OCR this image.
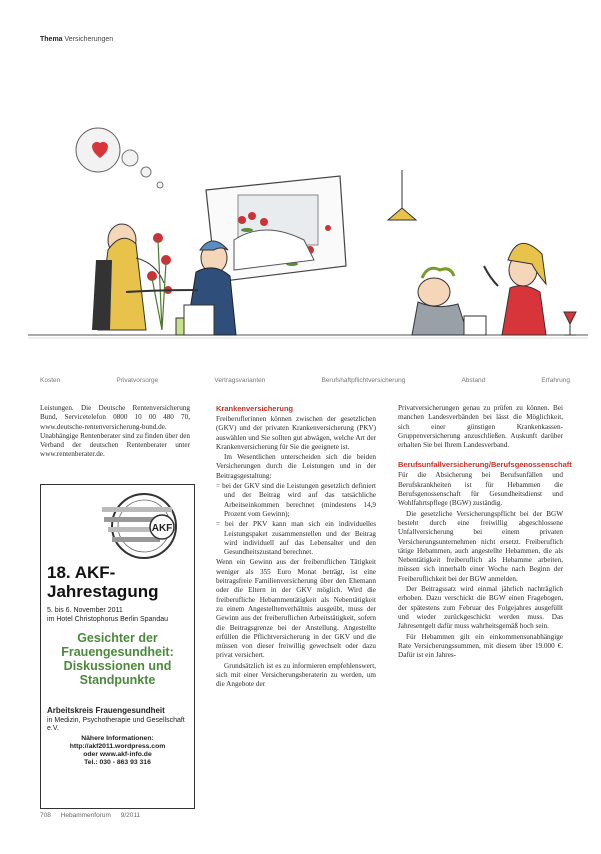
Thema Versicherungen
Kosten	Privatvorsorge	Vertragsvarianten	Berufshaftpflichtversicherung	Abstand	Erfahrung

Leistungen. Die Deutsche Rentenversicherung Bund, Servicetelefon 0800 10 00 480 70, www.deutsche-rentenversicherung-bund.de. Unabhängige Rentenberater sind zu finden über den Verband der deutschen Rentenberater unter www.rentenberater.de.

AKF
18. AKF-Jahrestagung
5. bis 6. November 2011
im Hotel Christophorus Berlin Spandau
Gesichter der Frauengesundheit: Diskussionen und Standpunkte
Arbeitskreis Frauengesundheit
in Medizin, Psychotherapie und Gesellschaft e.V.
Nähere Informationen:
http://akf2011.wordpress.com
oder www.akf-info.de
Tel.: 030 - 863 93 316
Krankenversicherung

Freiberuflerinnen können zwischen der gesetzlichen (GKV) und der privaten Krankenversicherung (PKV) auswählen und Sie sollten gut abwägen, welche Art der Krankenversicherung für Sie die geeignete ist.

Im Wesentlichen unterscheiden sich die beiden Versicherungen durch die Leistungen und in der Beitragsgestaltung:

= bei der GKV sind die Leistungen gesetzlich definiert und der Beitrag wird auf das tatsächliche Arbeitseinkommen berechnet (mindestens 14,9 Prozent vom Gewinn);

= bei der PKV kann man sich ein individuelles Leistungspaket zusammenstellen und der Beitrag wird individuell auf das Lebensalter und den Gesundheitszustand berechnet.

Wenn ein Gewinn aus der freiberuflichen Tätigkeit weniger als 355 Euro Monat beträgt, ist eine beitragsfreie Familienversicherung über den Ehemann oder die Eltern in der GKV möglich. Wird die freiberufliche Hebammentätigkeit als Nebentätigkeit zu einem Angestelltenverhältnis ausgeübt, muss der Gewinn aus der freiberuflichen Arbeitstätigkeit, sofern die Beitragsgrenze bei der Anstellung. Angestellte erfüllen die Pflichtversicherung in der GKV und die müssen von dieser freiwillig gewechselt oder dazu privat versichert.

Grundsätzlich ist es zu informieren empfehlenswert, sich mit einer Versicherungsberaterin zu werden, um die Angebote der

Privatversicherungen genau zu prüfen zu können. Bei manchen Landesverbänden bei lässt die Möglichkeit, sich einer günstigen Krankenkassen-Gruppenversicherung anzuschließen. Auskunft darüber erhalten Sie bei Ihrem Landesverband.

Berufsunfallversicherung/Berufsgenossenschaft

Für die Absicherung bei Berufsunfällen und Berufskrankheiten ist für Hebammen die Berufsgenossenschaft für Gesundheitsdienst und Wohlfahrtspflege (BGW) zuständig.

Die gesetzliche Versicherungspflicht bei der BGW besteht durch eine freiwillig abgeschlossene Unfallversicherung bei einem privaten Versicherungsunternehmen nicht ersetzt. Freiberuflich tätige Hebammen, auch angestellte Hebammen, die als Nebentätigkeit freiberuflich als Hebamme arbeiten, müssen sich innerhalb einer Woche nach Beginn der Freiberuflichkeit bei der BGW anmelden.

Der Beitragssatz wird einmal jährlich nachträglich erhoben. Dazu verschickt die BGW einen Fragebogen, der spätestens zum Februar des Folgejahres ausgefüllt und wieder zurückgeschickt werden muss. Das Jahresentgelt dafür muss wahrheitsgemäß hoch sein.

Für Hebammen gilt ein einkommensunabhängige Rate Versicherungssummen, mit diesem über 19.000 €. Dafür ist ein Jahres-

708 Hebammenforum 9/2011
